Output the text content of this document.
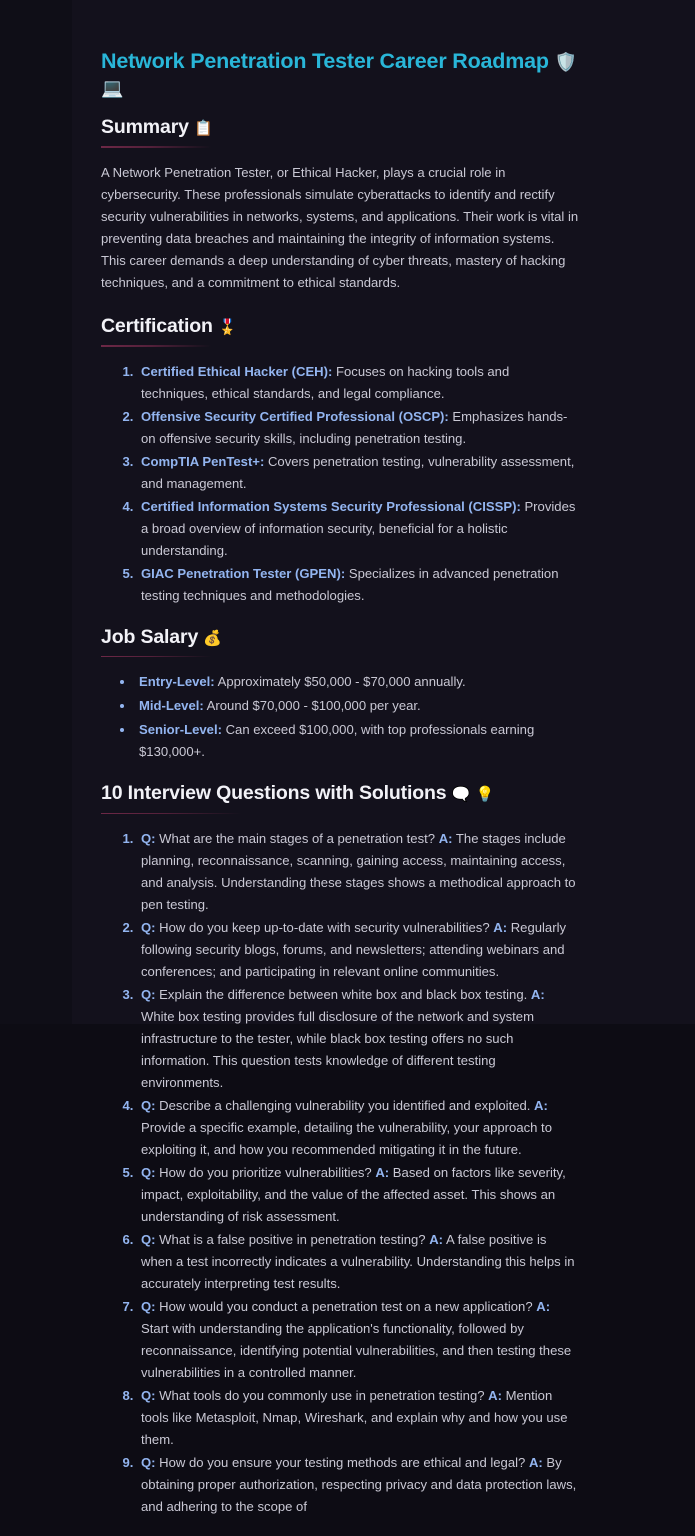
Network Penetration Tester Career Roadmap 🛡️
💻
Summary 📋

A Network Penetration Tester, or Ethical Hacker, plays a crucial role in cybersecurity. These professionals simulate cyberattacks to identify and rectify security vulnerabilities in networks, systems, and applications. Their work is vital in preventing data breaches and maintaining the integrity of information systems. This career demands a deep understanding of cyber threats, mastery of hacking techniques, and a commitment to ethical standards.

Certification 🎖️
1. Certified Ethical Hacker (CEH): Focuses on hacking tools and techniques, ethical standards, and legal compliance.
2. Offensive Security Certified Professional (OSCP): Emphasizes hands-on offensive security skills, including penetration testing.
3. CompTIA PenTest+: Covers penetration testing, vulnerability assessment, and management.
4. Certified Information Systems Security Professional (CISSP): Provides a broad overview of information security, beneficial for a holistic understanding.
5. GIAC Penetration Tester (GPEN): Specializes in advanced penetration testing techniques and methodologies.
Job Salary 💰
• Entry-Level: Approximately $50,000 - $70,000 annually.
• Mid-Level: Around $70,000 - $100,000 per year.
• Senior-Level: Can exceed $100,000, with top professionals earning $130,000+.
10 Interview Questions with Solutions 🗨️ 💡
1. Q: What are the main stages of a penetration test? A: The stages include planning, reconnaissance, scanning, gaining access, maintaining access, and analysis. Understanding these stages shows a methodical approach to pen testing.
2. Q: How do you keep up-to-date with security vulnerabilities? A: Regularly following security blogs, forums, and newsletters; attending webinars and conferences; and participating in relevant online communities.
3. Q: Explain the difference between white box and black box testing. A: White box testing provides full disclosure of the network and system infrastructure to the tester, while black box testing offers no such information. This question tests knowledge of different testing environments.
4. Q: Describe a challenging vulnerability you identified and exploited. A: Provide a specific example, detailing the vulnerability, your approach to exploiting it, and how you recommended mitigating it in the future.
5. Q: How do you prioritize vulnerabilities? A: Based on factors like severity, impact, exploitability, and the value of the affected asset. This shows an understanding of risk assessment.
6. Q: What is a false positive in penetration testing? A: A false positive is when a test incorrectly indicates a vulnerability. Understanding this helps in accurately interpreting test results.
7. Q: How would you conduct a penetration test on a new application? A: Start with understanding the application's functionality, followed by reconnaissance, identifying potential vulnerabilities, and then testing these vulnerabilities in a controlled manner.
8. Q: What tools do you commonly use in penetration testing? A: Mention tools like Metasploit, Nmap, Wireshark, and explain why and how you use them.
9. Q: How do you ensure your testing methods are ethical and legal? A: By obtaining proper authorization, respecting privacy and data protection laws, and adhering to the scope of
